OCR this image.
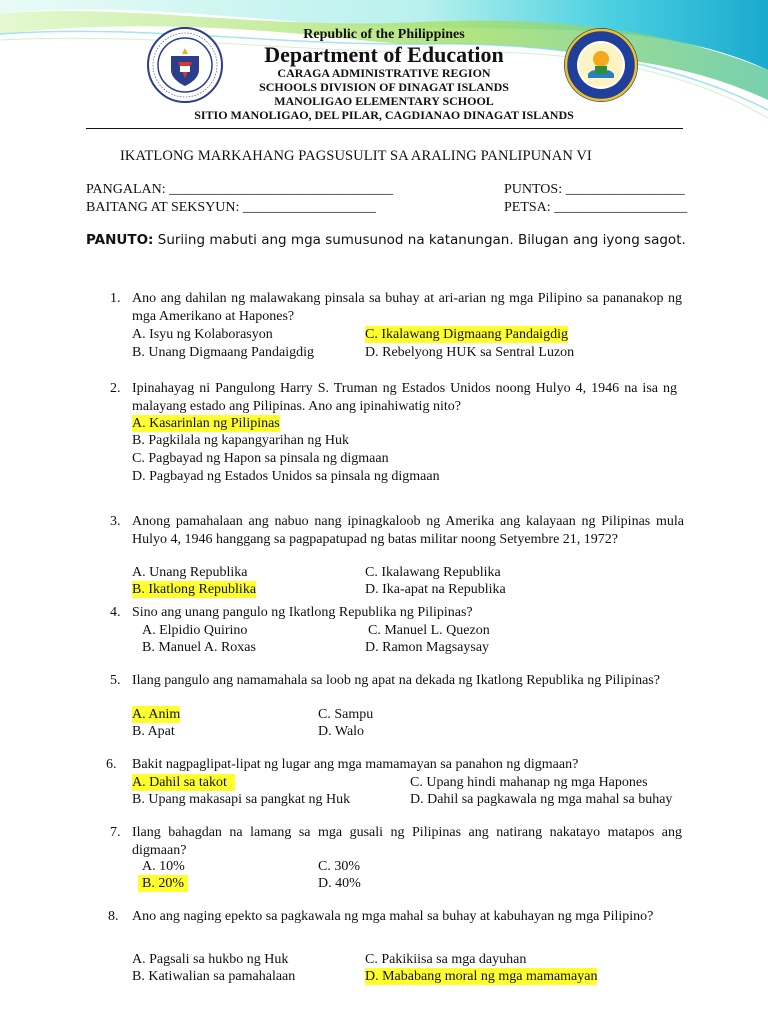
Republic of the Philippines
Department of Education
CARAGA ADMINISTRATIVE REGION
SCHOOLS DIVISION OF DINAGAT ISLANDS
MANOLIGAO ELEMENTARY SCHOOL
SITIO MANOLIGAO, DEL PILAR, CAGDIANAO DINAGAT ISLANDS
IKATLONG MARKAHANG PAGSUSULIT SA ARALING PANLIPUNAN VI
PANGALAN: ________________________________	PUNTOS: _________________
BAITANG AT SEKSYUN: ___________________	PETSA: ___________________
PANUTO: Suriing mabuti ang mga sumusunod na katanungan. Bilugan ang iyong sagot.
1. Ano ang dahilan ng malawakang pinsala sa buhay at ari-arian ng mga Pilipino sa pananakop ng mga Amerikano at Hapones?
A. Isyu ng Kolaborasyon	C. Ikalawang Digmaang Pandaigdig
B. Unang Digmaang Pandaigdig	D. Rebelyong HUK sa Sentral Luzon
2. Ipinahayag ni Pangulong Harry S. Truman ng Estados Unidos noong Hulyo 4, 1946 na isa ng malayang estado ang Pilipinas. Ano ang ipinahiwatig nito?
A. Kasarinlan ng Pilipinas
B. Pagkilala ng kapangyarihan ng Huk
C. Pagbayad ng Hapon sa pinsala ng digmaan
D. Pagbayad ng Estados Unidos sa pinsala ng digmaan
3. Anong pamahalaan ang nabuo nang ipinagkaloob ng Amerika ang kalayaan ng Pilipinas mula Hulyo 4, 1946 hanggang sa pagpapatupad ng batas militar noong Setyembre 21, 1972?
A. Unang Republika	C. Ikalawang Republika
B. Ikatlong Republika	D. Ika-apat na Republika
4. Sino ang unang pangulo ng Ikatlong Republika ng Pilipinas?
A. Elpidio Quirino	C. Manuel L. Quezon
B. Manuel A. Roxas	D. Ramon Magsaysay
5. Ilang pangulo ang namamahala sa loob ng apat na dekada ng Ikatlong Republika ng Pilipinas?
A. Anim	C. Sampu
B. Apat	D. Walo
6. Bakit nagpaglipat-lipat ng lugar ang mga mamamayan sa panahon ng digmaan?
A. Dahil sa takot	C. Upang hindi mahanap ng mga Hapones
B. Upang makasapi sa pangkat ng Huk	D. Dahil sa pagkawala ng mga mahal sa buhay
7. Ilang bahagdan na lamang sa mga gusali ng Pilipinas ang natirang nakatayo matapos ang digmaan?
A. 10%	C. 30%
B. 20%	D. 40%
8. Ano ang naging epekto sa pagkawala ng mga mahal sa buhay at kabuhayan ng mga Pilipino?
A. Pagsali sa hukbo ng Huk	C. Pakikiisa sa mga dayuhan
B. Katiwalian sa pamahalaan	D. Mababang moral ng mga mamamayan
